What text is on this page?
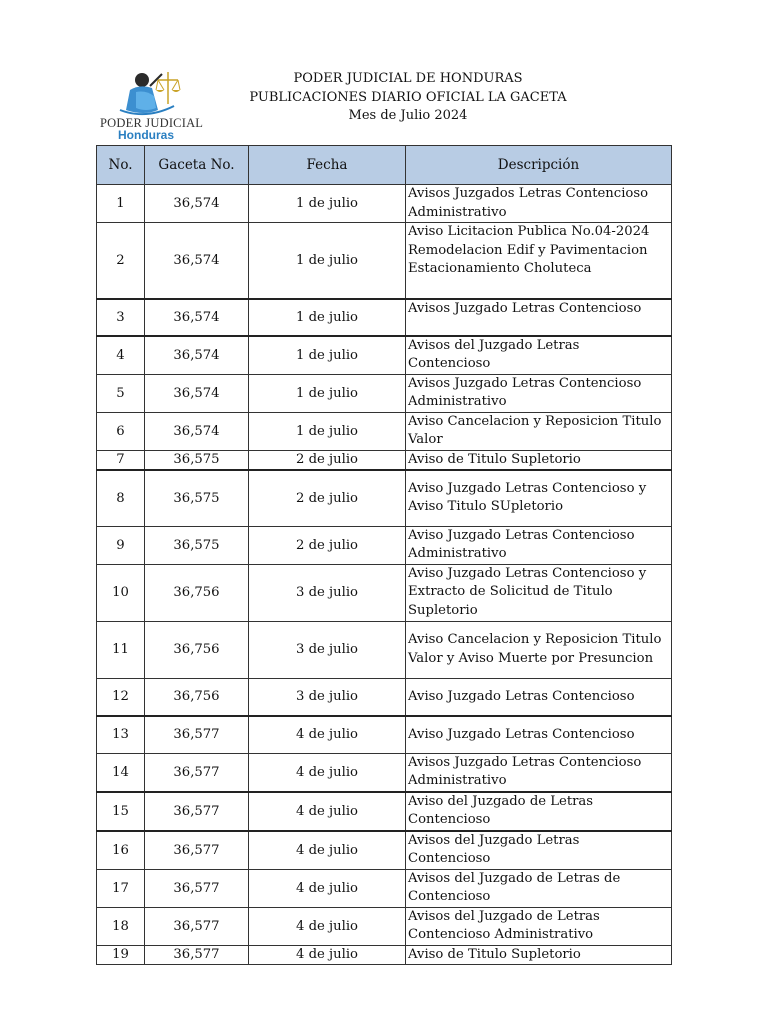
PODER JUDICIAL
Honduras
PODER JUDICIAL DE HONDURAS
PUBLICACIONES DIARIO OFICIAL LA GACETA
Mes de Julio 2024
No.	Gaceta No.	Fecha	Descripción
1	36,574	1 de julio	Avisos Juzgados Letras Contencioso
Administrativo

2	36,574	1 de julio	Aviso Licitacion Publica No.04-2024
Remodelacion Edif y Pavimentacion
Estacionamiento Choluteca

3	36,574	1 de julio	Avisos Juzgado Letras Contencioso

4	36,574	1 de julio	Avisos del Juzgado Letras
Contencioso

5	36,574	1 de julio	Avisos Juzgado Letras Contencioso
Administrativo

6	36,574	1 de julio	Aviso Cancelacion y Reposicion Titulo
Valor

7	36,575	2 de julio	Aviso de Titulo Supletorio

8	36,575	2 de julio	Aviso Juzgado Letras Contencioso y
Aviso Titulo SUpletorio

9	36,575	2 de julio	Aviso Juzgado Letras Contencioso
Administrativo

10	36,756	3 de julio	Aviso Juzgado Letras Contencioso y
Extracto de Solicitud de Titulo
Supletorio

11	36,756	3 de julio	Aviso Cancelacion y Reposicion Titulo
Valor y Aviso Muerte por Presuncion

12	36,756	3 de julio	Aviso Juzgado Letras Contencioso

13	36,577	4 de julio	Aviso Juzgado Letras Contencioso

14	36,577	4 de julio	Avisos Juzgado Letras Contencioso
Administrativo

15	36,577	4 de julio	Aviso del Juzgado de Letras
Contencioso

16	36,577	4 de julio	Avisos del Juzgado Letras
Contencioso

17	36,577	4 de julio	Avisos del Juzgado de Letras de
Contencioso

18	36,577	4 de julio	Avisos del Juzgado de Letras
Contencioso Administrativo

19	36,577	4 de julio	Aviso de Titulo Supletorio
